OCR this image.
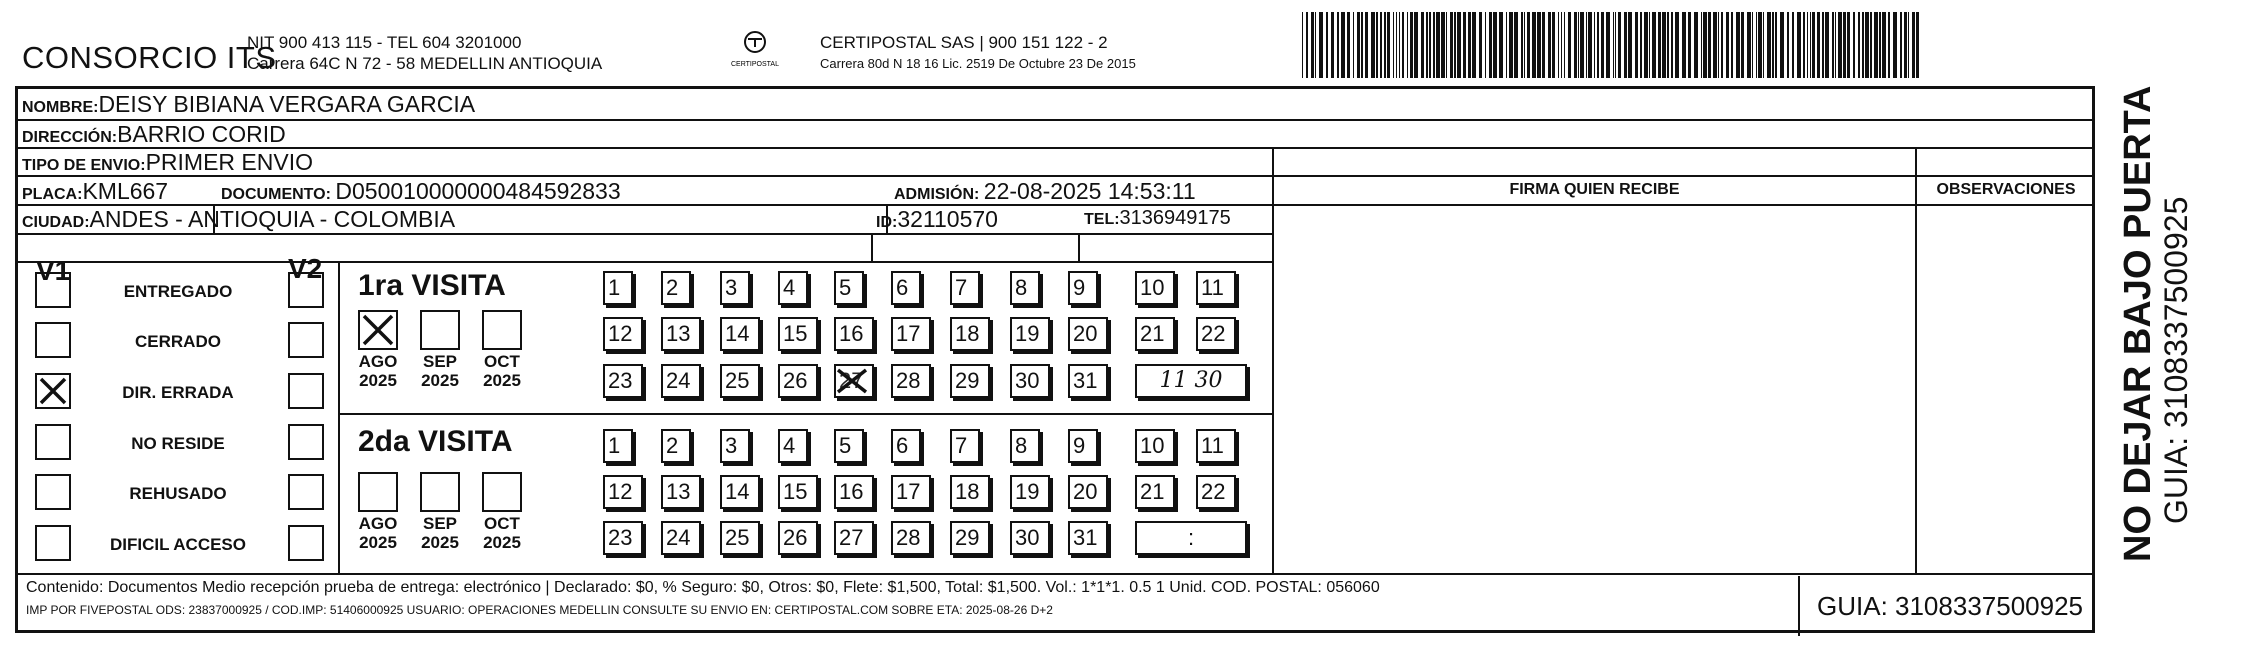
CONSORCIO ITS
NIT 900 413 115 - TEL 604 3201000
Carrera 64C N 72 - 58 MEDELLIN ANTIOQUIA	CERTIPOSTAL
CERTIPOSTAL SAS | 900 151 122 - 2
Carrera 80d N 18 16 Lic. 2519 De Octubre 23 De 2015
NOMBRE:DEISY BIBIANA VERGARA GARCIA
DIRECCIÓN:BARRIO CORID
TIPO DE ENVIO:PRIMER ENVIO
PLACA:KML667	DOCUMENTO: D050010000000484592833	ADMISIÓN: 22-08-2025 14:53:11
CIUDAD:ANDES - ANTIOQUIA - COLOMBIA	ID:32110570	TEL:3136949175
FIRMA QUIEN RECIBE	OBSERVACIONES
V1	V2
ENTREGADO
CERRADO
DIR. ERRADA
NO RESIDE
REHUSADO
DIFICIL ACCESO
1ra VISITA
AGO
2025
SEP
2025
OCT
2025
1	2	3	4	5	6	7	8	9	10	11
12	13	14	15	16	17	18	19	20	21	22
23	24	25	26	27	28	29	30	31	11 30
2da VISITA
AGO
2025
SEP
2025
OCT
2025
1	2	3	4	5	6	7	8	9	10	11
12	13	14	15	16	17	18	19	20	21	22
23	24	25	26	27	28	29	30	31	:
Contenido: Documentos Medio recepción prueba de entrega: electrónico | Declarado: $0, % Seguro: $0, Otros: $0, Flete: $1,500, Total: $1,500. Vol.: 1*1*1. 0.5 1 Unid. COD. POSTAL: 056060
IMP POR FIVEPOSTAL ODS: 23837000925 / COD.IMP: 51406000925 USUARIO: OPERACIONES MEDELLIN CONSULTE SU ENVIO EN: CERTIPOSTAL.COM SOBRE ETA: 2025-08-26 D+2	GUIA: 3108337500925
NO DEJAR BAJO PUERTA GUIA: 3108337500925
